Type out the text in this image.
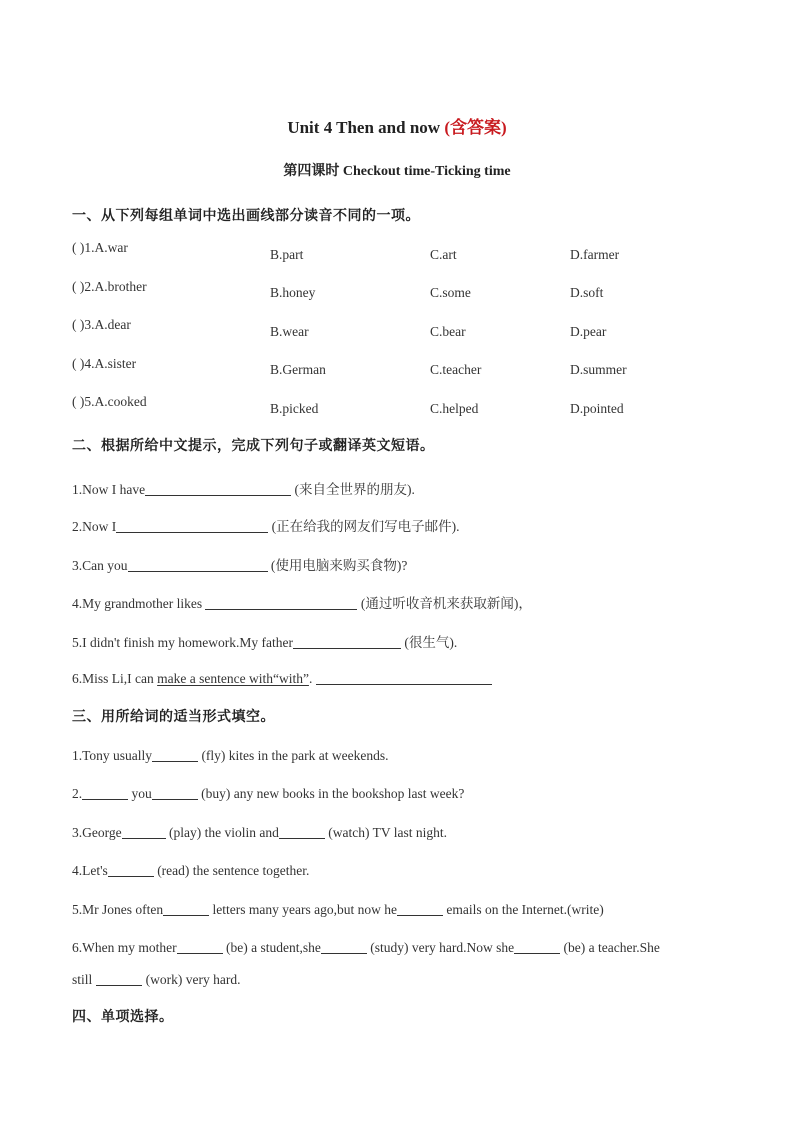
Unit 4 Then and now (含答案)
第四课时 Checkout time-Ticking time
一、从下列每组单词中选出画线部分读音不同的一项。
( )1.A.war	B.part	C.art	D.farmer
( )2.A.brother	B.honey	C.some	D.soft
( )3.A.dear	B.wear	C.bear	D.pear
( )4.A.sister	B.German	C.teacher	D.summer
( )5.A.cooked	B.picked	C.helped	D.pointed
二、根据所给中文提示，完成下列句子或翻译英文短语。
1.Now I have	(来自全世界的朋友).
2.Now I	(正在给我的网友们写电子邮件).
3.Can you	(使用电脑来购买食物)?
4.My grandmother likes	(通过听收音机来获取新闻)，
5.I didn't finish my homework.My father	(很生气).
6.Miss Li,I can make a sentence with“with”.
三、用所给词的适当形式填空。
1.Tony usually	(fly) kites in the park at weekends.
2.	you	(buy) any new books in the bookshop last week?
3.George	(play) the violin and	(watch) TV last night.
4.Let's	(read) the sentence together.
5.Mr Jones often	letters many years ago,but now he	emails on the Internet.(write)
6.When my mother	(be) a student,she	(study) very hard.Now she	(be) a teacher.She
still	(work) very hard.
四、单项选择。
